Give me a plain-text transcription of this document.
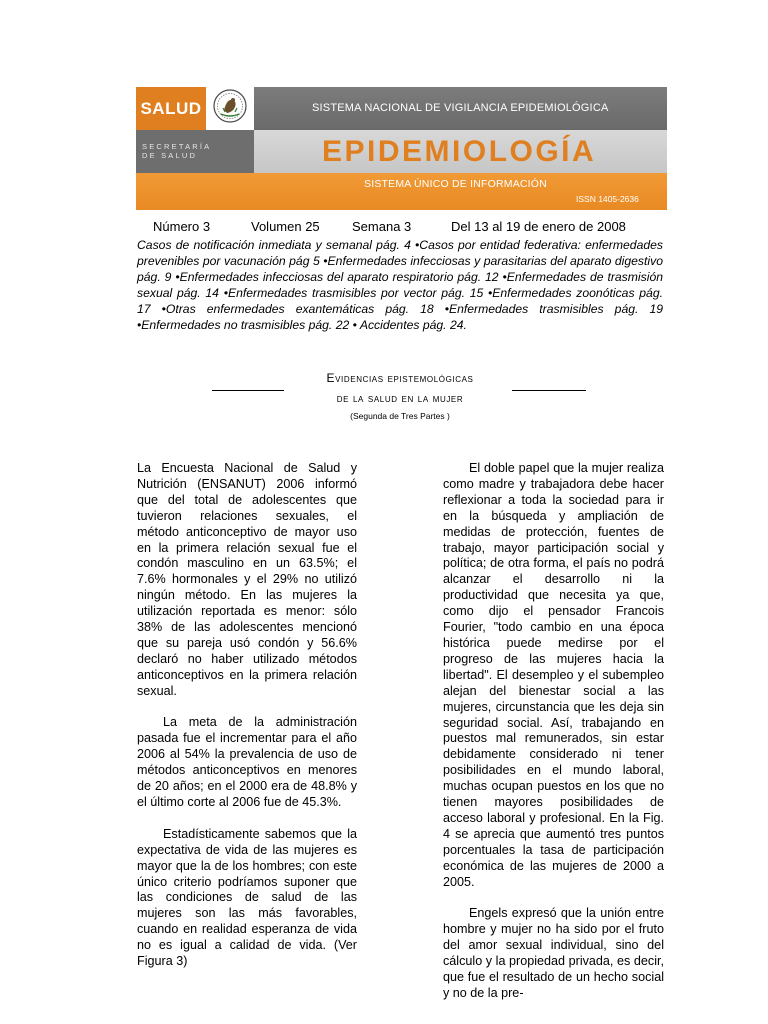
SALUD	SISTEMA NACIONAL DE VIGILANCIA EPIDEMIOLÓGICA
SECRETARÍA
DE SALUD	EPIDEMIOLOGÍA
SISTEMA ÚNICO DE INFORMACIÓN
ISSN 1405-2636
Número 3	Volumen 25 Semana 3	Del 13 al 19 de enero de 2008
Casos de notificación inmediata y semanal pág. 4 •Casos por entidad federativa: enfermedades prevenibles por vacunación pág 5 •Enfermedades infecciosas y parasitarias del aparato digestivo pág. 9 •Enfermedades infecciosas del aparato respiratorio pág. 12 •Enfermedades de trasmisión sexual pág. 14 •Enfermedades trasmisibles por vector pág. 15 •Enfermedades zoonóticas pág. 17 •Otras enfermedades exantemáticas pág. 18 •Enfermedades trasmisibles pág. 19 •Enfermedades no trasmisibles pág. 22 • Accidentes pág. 24.
Evidencias epistemológicas
de la salud en la mujer
(Segunda de Tres Partes )

La Encuesta Nacional de Salud y Nutrición (ENSANUT) 2006 informó que del total de adolescentes que tuvieron relaciones sexuales, el método anticonceptivo de mayor uso en la primera relación sexual fue el condón masculino en un 63.5%; el 7.6% hormonales y el 29% no utilizó ningún método. En las mujeres la utilización reportada es menor: sólo 38% de las adolescentes mencionó que su pareja usó condón y 56.6% declaró no haber utilizado métodos anticonceptivos en la primera relación sexual.

La meta de la administración pasada fue el incrementar para el año 2006 al 54% la prevalencia de uso de métodos anticonceptivos en menores de 20 años; en el 2000 era de 48.8% y el último corte al 2006 fue de 45.3%.

Estadísticamente sabemos que la expectativa de vida de las mujeres es mayor que la de los hombres; con este único criterio podríamos suponer que las condiciones de salud de las mujeres son las más favorables, cuando en realidad esperanza de vida no es igual a calidad de vida. (Ver Figura 3)

El doble papel que la mujer realiza como madre y trabajadora debe hacer reflexionar a toda la sociedad para ir en la búsqueda y ampliación de medidas de protección, fuentes de trabajo, mayor participación social y política; de otra forma, el país no podrá alcanzar el desarrollo ni la productividad que necesita ya que, como dijo el pensador Francois Fourier, "todo cambio en una época histórica puede medirse por el progreso de las mujeres hacia la libertad". El desempleo y el subempleo alejan del bienestar social a las mujeres, circunstancia que les deja sin seguridad social. Así, trabajando en puestos mal remunerados, sin estar debidamente considerado ni tener posibilidades en el mundo laboral, muchas ocupan puestos en los que no tienen mayores posibilidades de acceso laboral y profesional. En la Fig. 4 se aprecia que aumentó tres puntos porcentuales la tasa de participación económica de las mujeres de 2000 a 2005.

Engels expresó que la unión entre hombre y mujer no ha sido por el fruto del amor sexual individual, sino del cálculo y la propiedad privada, es decir, que fue el resultado de un hecho social y no de la pre-
